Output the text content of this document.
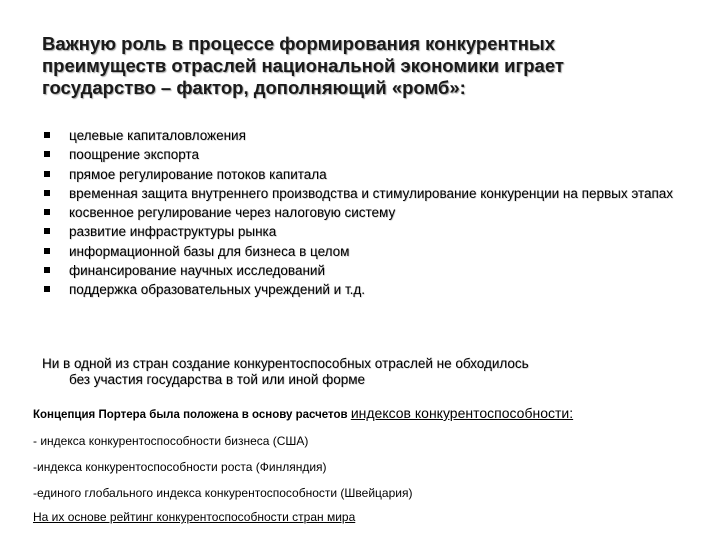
Важную роль в процессе формирования конкурентных
преимуществ отраслей национальной экономики играет
государство – фактор, дополняющий «ромб»:
целевые капиталовложения
поощрение экспорта
прямое регулирование потоков капитала
временная защита внутреннего производства и стимулирование конкуренции на первых этапах
косвенное регулирование через налоговую систему
развитие инфраструктуры рынка
информационной базы для бизнеса в целом
финансирование научных исследований
поддержка образовательных учреждений и т.д.
Ни в одной из стран создание конкурентоспособных отраслей не обходилось
без участия государства в той или иной форме
Концепция Портера была положена в основу расчетов индексов конкурентоспособности:
- индекса конкурентоспособности бизнеса (США)
-индекса конкурентоспособности роста (Финляндия)
-единого глобального индекса конкурентоспособности (Швейцария)
На их основе рейтинг конкурентоспособности стран мира
